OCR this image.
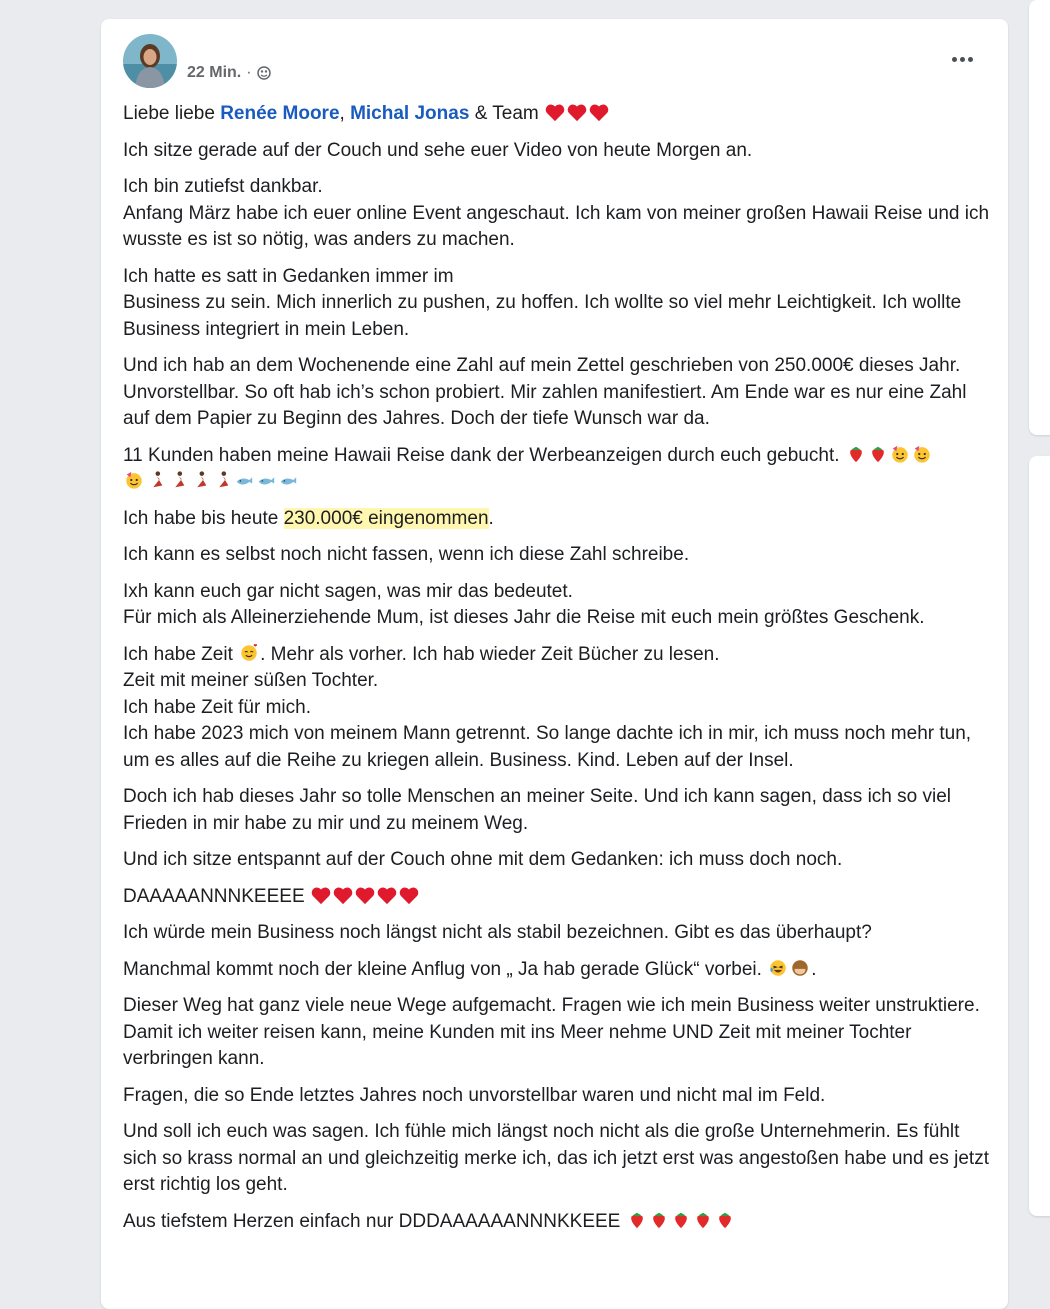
22 Min. ·

Liebe liebe Renée Moore, Michal Jonas & Team

Ich sitze gerade auf der Couch und sehe euer Video von heute Morgen an.

Ich bin zutiefst dankbar.
Anfang März habe ich euer online Event angeschaut. Ich kam von meiner großen Hawaii Reise und ich wusste es ist so nötig, was anders zu machen.

Ich hatte es satt in Gedanken immer im
Business zu sein. Mich innerlich zu pushen, zu hoffen. Ich wollte so viel mehr Leichtigkeit. Ich wollte Business integriert in mein Leben.

Und ich hab an dem Wochenende eine Zahl auf mein Zettel geschrieben von 250.000€ dieses Jahr.
Unvorstellbar. So oft hab ich’s schon probiert. Mir zahlen manifestiert. Am Ende war es nur eine Zahl auf dem Papier zu Beginn des Jahres. Doch der tiefe Wunsch war da.

11 Kunden haben meine Hawaii Reise dank der Werbeanzeigen durch euch gebucht.

Ich habe bis heute 230.000€ eingenommen.

Ich kann es selbst noch nicht fassen, wenn ich diese Zahl schreibe.

Ixh kann euch gar nicht sagen, was mir das bedeutet.
Für mich als Alleinerziehende Mum, ist dieses Jahr die Reise mit euch mein größtes Geschenk.

Ich habe Zeit . Mehr als vorher. Ich hab wieder Zeit Bücher zu lesen.
Zeit mit meiner süßen Tochter.
Ich habe Zeit für mich.
Ich habe 2023 mich von meinem Mann getrennt. So lange dachte ich in mir, ich muss noch mehr tun, um es alles auf die Reihe zu kriegen allein. Business. Kind. Leben auf der Insel.

Doch ich hab dieses Jahr so tolle Menschen an meiner Seite. Und ich kann sagen, dass ich so viel Frieden in mir habe zu mir und zu meinem Weg.

Und ich sitze entspannt auf der Couch ohne mit dem Gedanken: ich muss doch noch.

DAAAAANNNKEEEE

Ich würde mein Business noch längst nicht als stabil bezeichnen. Gibt es das überhaupt?

Manchmal kommt noch der kleine Anflug von „ Ja hab gerade Glück“ vorbei.	.

Dieser Weg hat ganz viele neue Wege aufgemacht. Fragen wie ich mein Business weiter unstruktiere. Damit ich weiter reisen kann, meine Kunden mit ins Meer nehme UND Zeit mit meiner Tochter verbringen kann.

Fragen, die so Ende letztes Jahres noch unvorstellbar waren und nicht mal im Feld.

Und soll ich euch was sagen. Ich fühle mich längst noch nicht als die große Unternehmerin. Es fühlt sich so krass normal an und gleichzeitig merke ich, das ich jetzt erst was angestoßen habe und es jetzt erst richtig los geht.

Aus tiefstem Herzen einfach nur DDDAAAAAANNNKKEEE
